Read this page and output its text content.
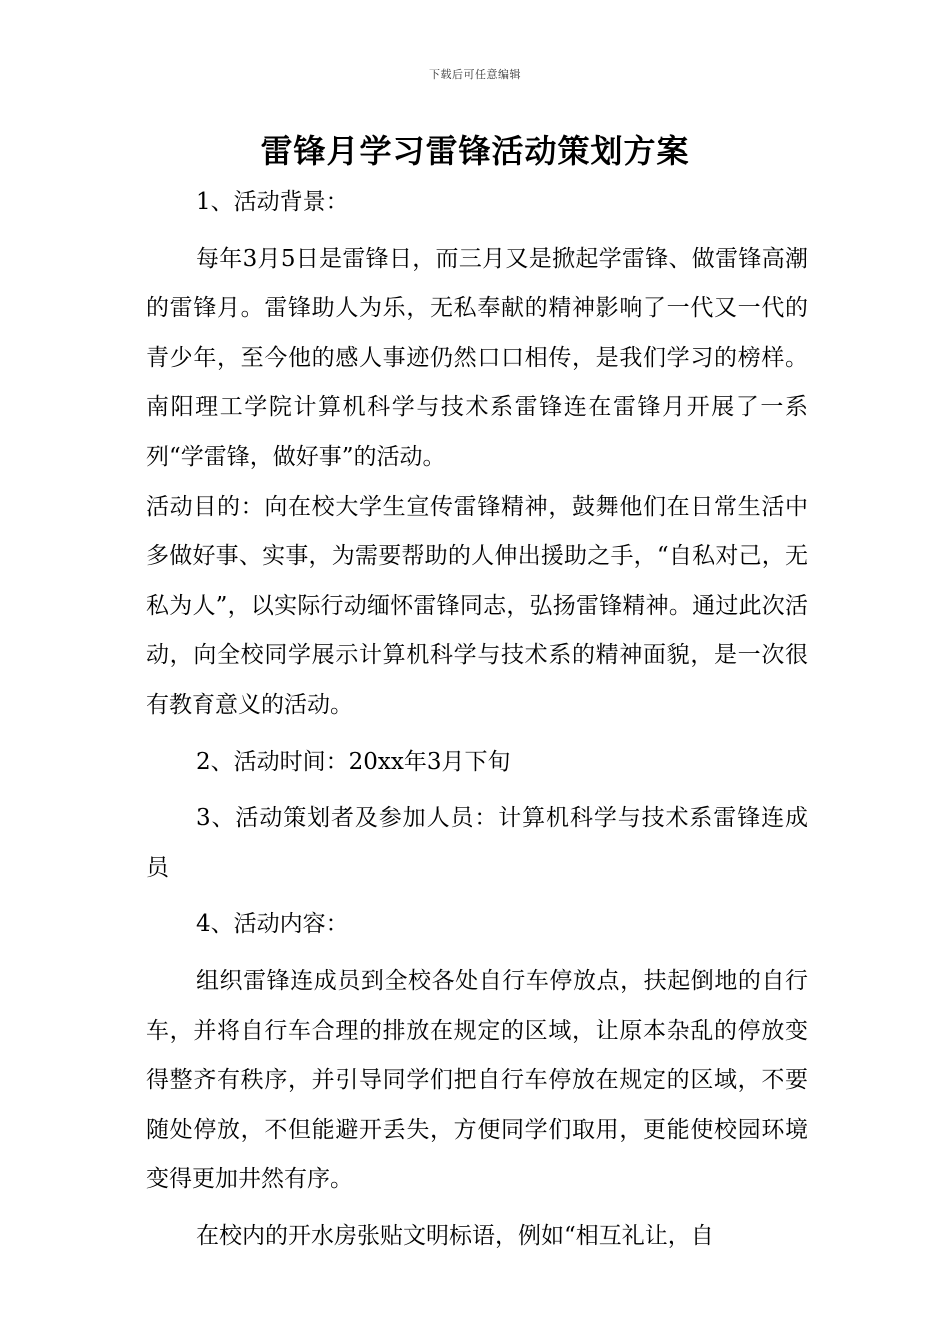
下载后可任意编辑
雷锋月学习雷锋活动策划方案

1、活动背景：

每年3月5日是雷锋日，而三月又是掀起学雷锋、做雷锋高潮的雷锋月。雷锋助人为乐，无私奉献的精神影响了一代又一代的青少年，至今他的感人事迹仍然口口相传，是我们学习的榜样。南阳理工学院计算机科学与技术系雷锋连在雷锋月开展了一系列“学雷锋，做好事”的活动。

活动目的：向在校大学生宣传雷锋精神，鼓舞他们在日常生活中多做好事、实事，为需要帮助的人伸出援助之手，“自私对己，无私为人”，以实际行动缅怀雷锋同志，弘扬雷锋精神。通过此次活动，向全校同学展示计算机科学与技术系的精神面貌，是一次很有教育意义的活动。

2、活动时间：20xx年3月下旬

3、活动策划者及参加人员：计算机科学与技术系雷锋连成员

4、活动内容：

组织雷锋连成员到全校各处自行车停放点，扶起倒地的自行车，并将自行车合理的排放在规定的区域，让原本杂乱的停放变得整齐有秩序，并引导同学们把自行车停放在规定的区域，不要随处停放，不但能避开丢失，方便同学们取用，更能使校园环境变得更加井然有序。

在校内的开水房张贴文明标语，例如“相互礼让，自
